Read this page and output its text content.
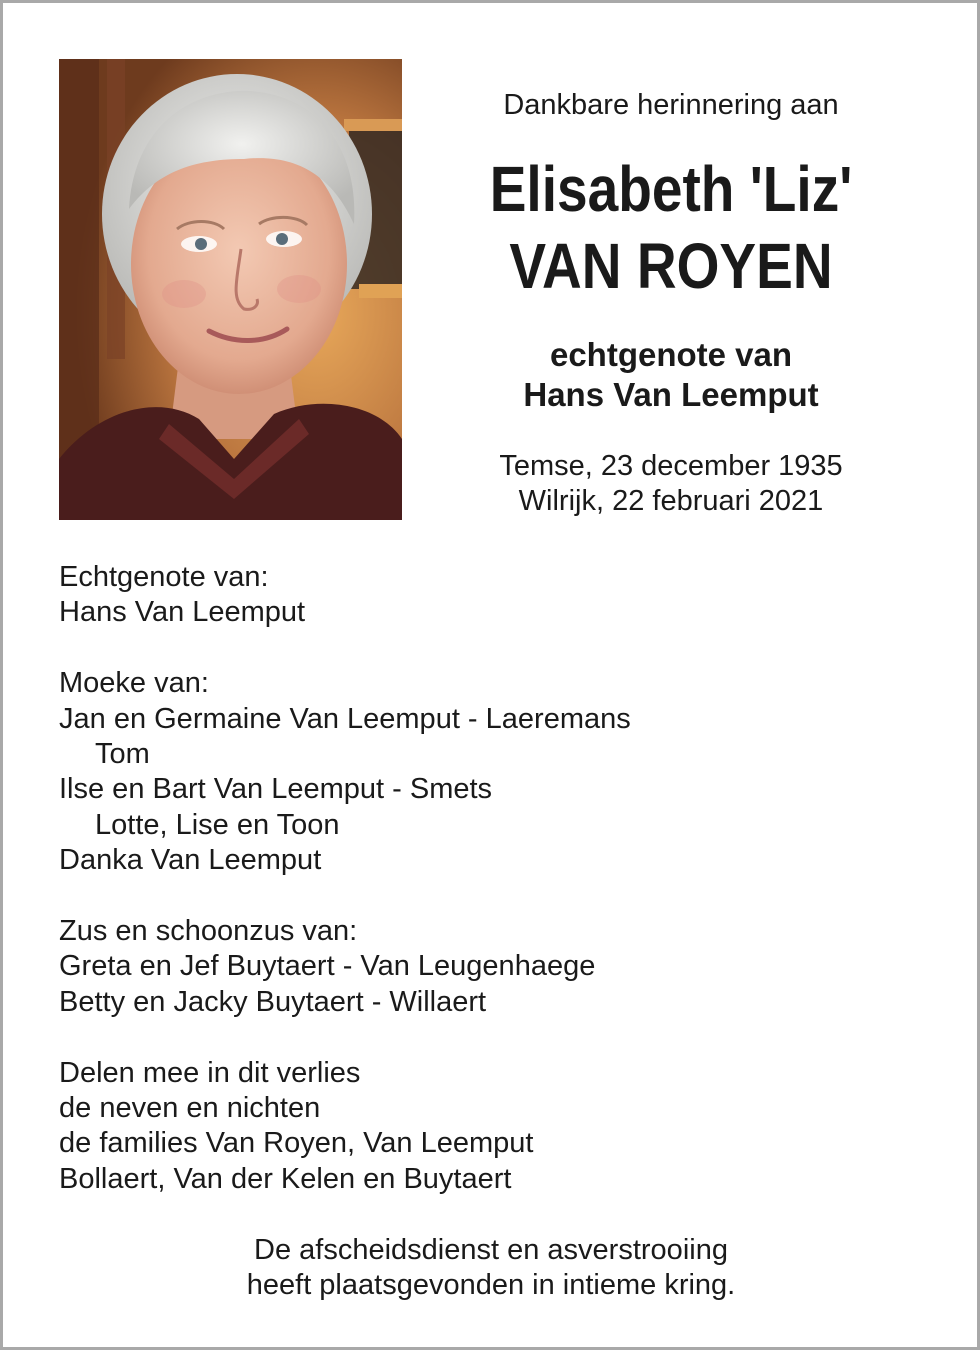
Dankbare herinnering aan

Elisabeth 'Liz'
VAN ROYEN
echtgenote van
Hans Van Leemput
Temse, 23 december 1935
Wilrijk, 22 februari 2021
Echtgenote van:
Hans Van Leemput
Moeke van:
Jan en Germaine Van Leemput - Laeremans
Tom
Ilse en Bart Van Leemput - Smets
Lotte, Lise en Toon
Danka Van Leemput
Zus en schoonzus van:
Greta en Jef Buytaert - Van Leugenhaege
Betty en Jacky Buytaert - Willaert
Delen mee in dit verlies
de neven en nichten
de families Van Royen, Van Leemput
Bollaert, Van der Kelen en Buytaert
De afscheidsdienst en asverstrooiing
heeft plaatsgevonden in intieme kring.
